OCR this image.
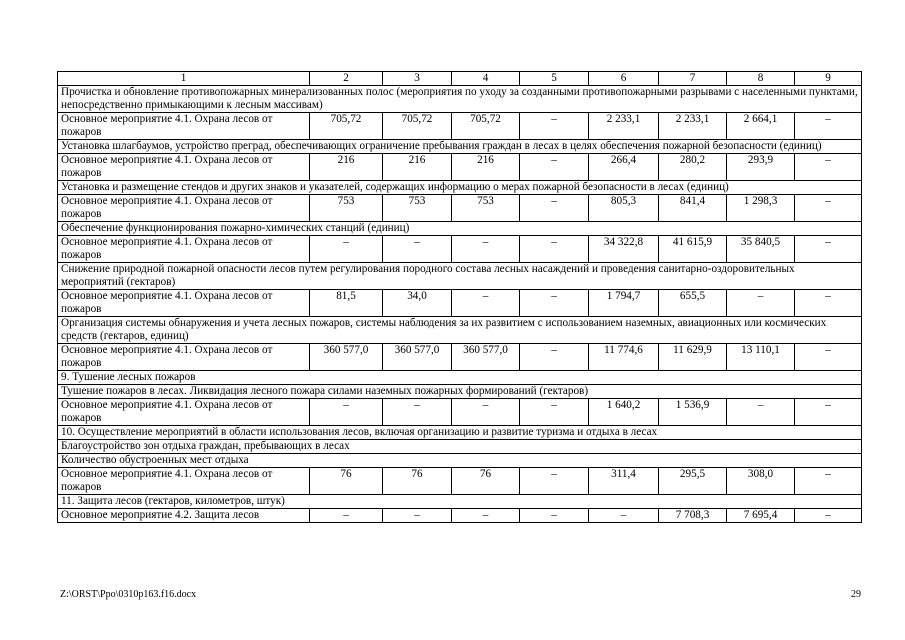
1	2	3	4	5	6	7	8	9
Прочистка и обновление противопожарных минерализованных полос (мероприятия по уходу за созданными противопожарными разрывами с населенными пунктами, непосредственно примыкающими к лесным массивам)								
Основное мероприятие 4.1. Охрана лесов от пожаров	705,72	705,72	705,72	–	2 233,1	2 233,1	2 664,1	–
Установка шлагбаумов, устройство преград, обеспечивающих ограничение пребывания граждан в лесах в целях обеспечения пожарной безопасности (единиц)								
Основное мероприятие 4.1. Охрана лесов от пожаров	216	216	216	–	266,4	280,2	293,9	–
Установка и размещение стендов и других знаков и указателей, содержащих информацию о мерах пожарной безопасности в лесах (единиц)								
Основное мероприятие 4.1. Охрана лесов от пожаров	753	753	753	–	805,3	841,4	1 298,3	–
Обеспечение функционирования пожарно-химических станций (единиц)								
Основное мероприятие 4.1. Охрана лесов от пожаров	–	–	–	–	34 322,8	41 615,9	35 840,5	–
Снижение природной пожарной опасности лесов путем регулирования породного состава лесных насаждений и проведения санитарно-оздоровительных мероприятий (гектаров)								
Основное мероприятие 4.1. Охрана лесов от пожаров	81,5	34,0	–	–	1 794,7	655,5	–	–
Организация системы обнаружения и учета лесных пожаров, системы наблюдения за их развитием с использованием наземных, авиационных или космических средств (гектаров, единиц)								
Основное мероприятие 4.1. Охрана лесов от пожаров	360 577,0	360 577,0	360 577,0	–	11 774,6	11 629,9	13 110,1	–
9. Тушение лесных пожаров								
Тушение пожаров в лесах. Ликвидация лесного пожара силами наземных пожарных формирований (гектаров)								
Основное мероприятие 4.1. Охрана лесов от пожаров	–	–	–	–	1 640,2	1 536,9	–	–
10. Осуществление мероприятий в области использования лесов, включая организацию и развитие туризма и отдыха в лесах								
Благоустройство зон отдыха граждан, пребывающих в лесах								
Количество обустроенных мест отдыха								
Основное мероприятие 4.1. Охрана лесов от пожаров	76	76	76	–	311,4	295,5	308,0	–
11. Защита лесов (гектаров, километров, штук)								
Основное мероприятие 4.2. Защита лесов	–	–	–	–	–	7 708,3	7 695,4	–
Z:\ORST\Ppo\0310p163.f16.docx	29
